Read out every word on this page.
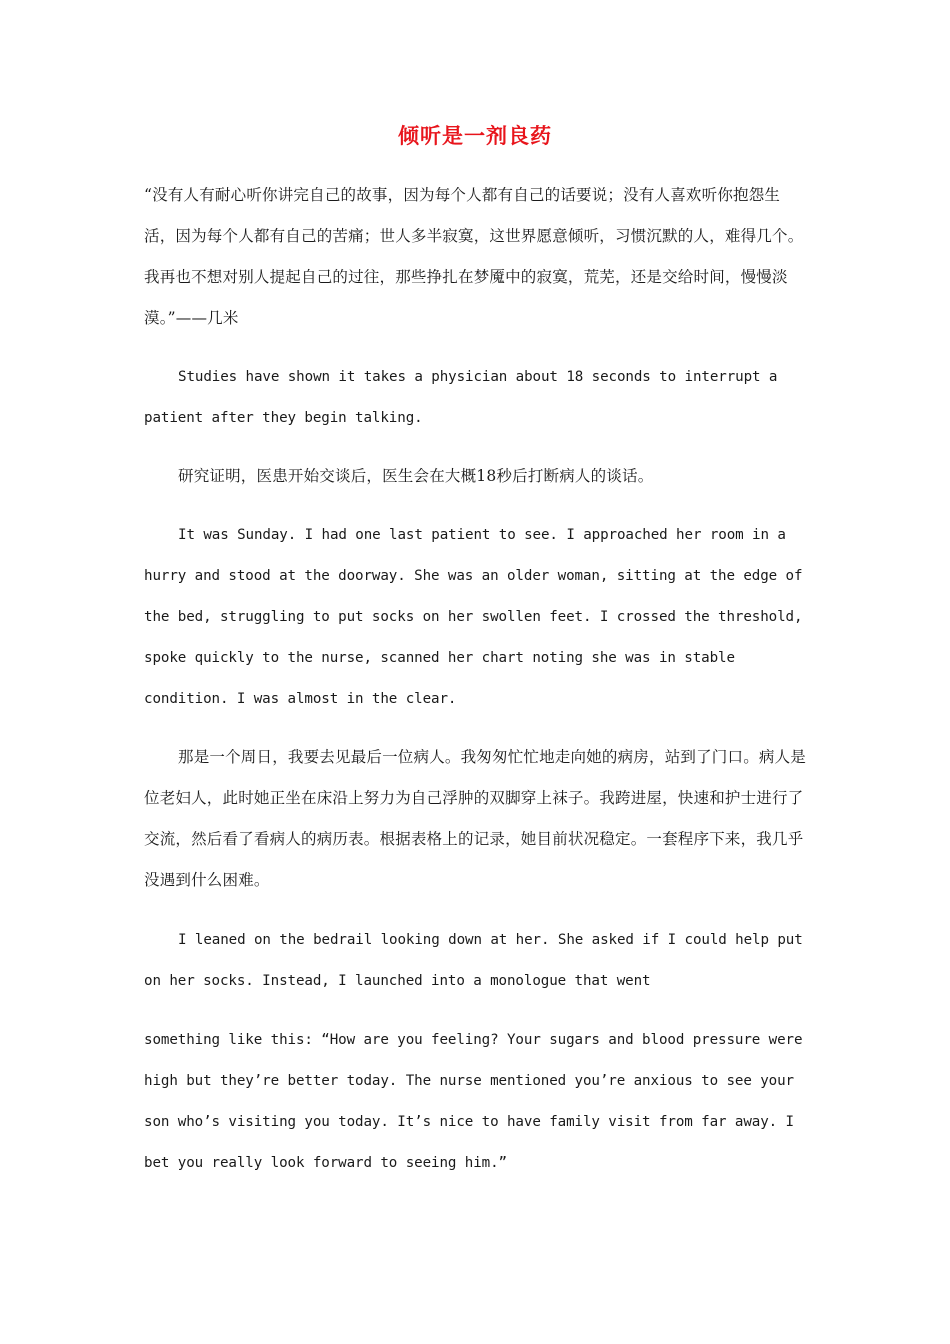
倾听是一剂良药

“没有人有耐心听你讲完自己的故事，因为每个人都有自己的话要说；没有人喜欢听你抱怨生活，因为每个人都有自己的苦痛；世人多半寂寞，这世界愿意倾听，习惯沉默的人，难得几个。我再也不想对别人提起自己的过往，那些挣扎在梦魇中的寂寞，荒芜，还是交给时间，慢慢淡漠。”——几米

Studies have shown it takes a physician about 18 seconds to interrupt a patient after they begin talking.

研究证明，医患开始交谈后，医生会在大概18秒后打断病人的谈话。

It was Sunday. I had one last patient to see. I approached her room in a hurry and stood at the doorway. She was an older woman, sitting at the edge of the bed, struggling to put socks on her swollen feet. I crossed the threshold, spoke quickly to the nurse, scanned her chart noting she was in stable condition. I was almost in the clear.

那是一个周日，我要去见最后一位病人。我匆匆忙忙地走向她的病房，站到了门口。病人是位老妇人，此时她正坐在床沿上努力为自己浮肿的双脚穿上袜子。我跨进屋，快速和护士进行了交流，然后看了看病人的病历表。根据表格上的记录，她目前状况稳定。一套程序下来，我几乎没遇到什么困难。

I leaned on the bedrail looking down at her. She asked if I could help put on her socks. Instead, I launched into a monologue that went

something like this: “How are you feeling? Your sugars and blood pressure were high but they’re better today. The nurse mentioned you’re anxious to see your son who’s visiting you today. It’s nice to have family visit from far away. I bet you really look forward to seeing him.”
